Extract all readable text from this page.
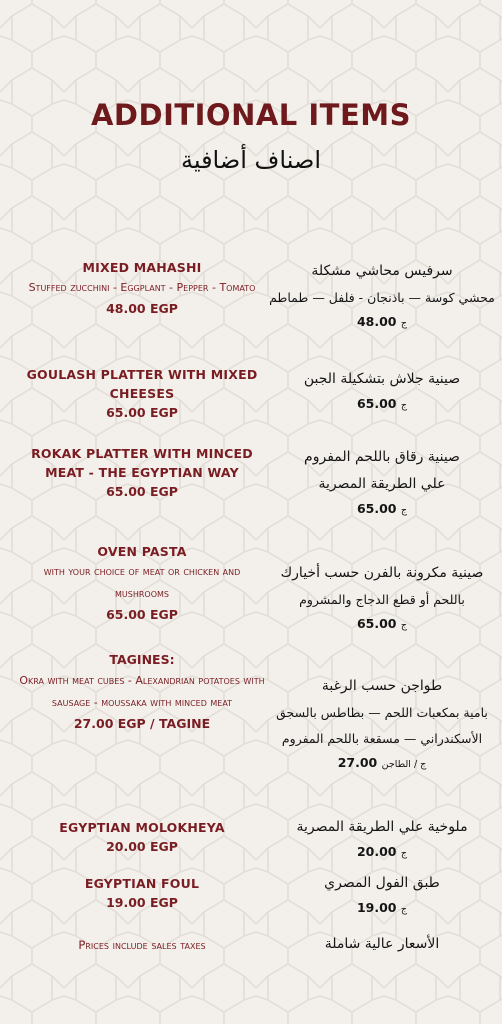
ADDITIONAL ITEMS
اصناف أضافية
MIXED MAHASHI
Stuffed zucchini - Eggplant - Pepper - Tomato
48.00 EGP
سرفيس محاشي مشكلة
محشي كوسة — باذنجان - فلفل — طماطم
ج 48.00
GOULASH PLATTER WITH MIXED CHEESES
65.00 EGP
صينية جلاش بتشكيلة الجبن
ج 65.00
ROKAK PLATTER WITH MINCED MEAT - THE EGYPTIAN WAY
65.00 EGP
صينية رقاق باللحم المفروم علي الطريقة المصرية
ج 65.00
OVEN PASTA
with your choice of meat or chicken and mushrooms
65.00 EGP
صينية مكرونة بالفرن حسب أخيارك
باللحم أو قطع الدجاج والمشروم
ج 65.00
TAGINES:
Okra with meat cubes - Alexandrian potatoes with sausage - moussaka with minced meat
27.00 EGP / TAGINE
طواجن حسب الرغبة
بامية بمكعبات اللحم — بطاطس بالسجق
الأسكندراني — مسقعة باللحم المفروم
ج / الطاجن 27.00
EGYPTIAN MOLOKHEYA
20.00 EGP
ملوخية علي الطريقة المصرية
ج 20.00
EGYPTIAN FOUL
19.00 EGP
طبق الفول المصري
ج 19.00
Prices include sales taxes	الأسعار عالية شاملة
